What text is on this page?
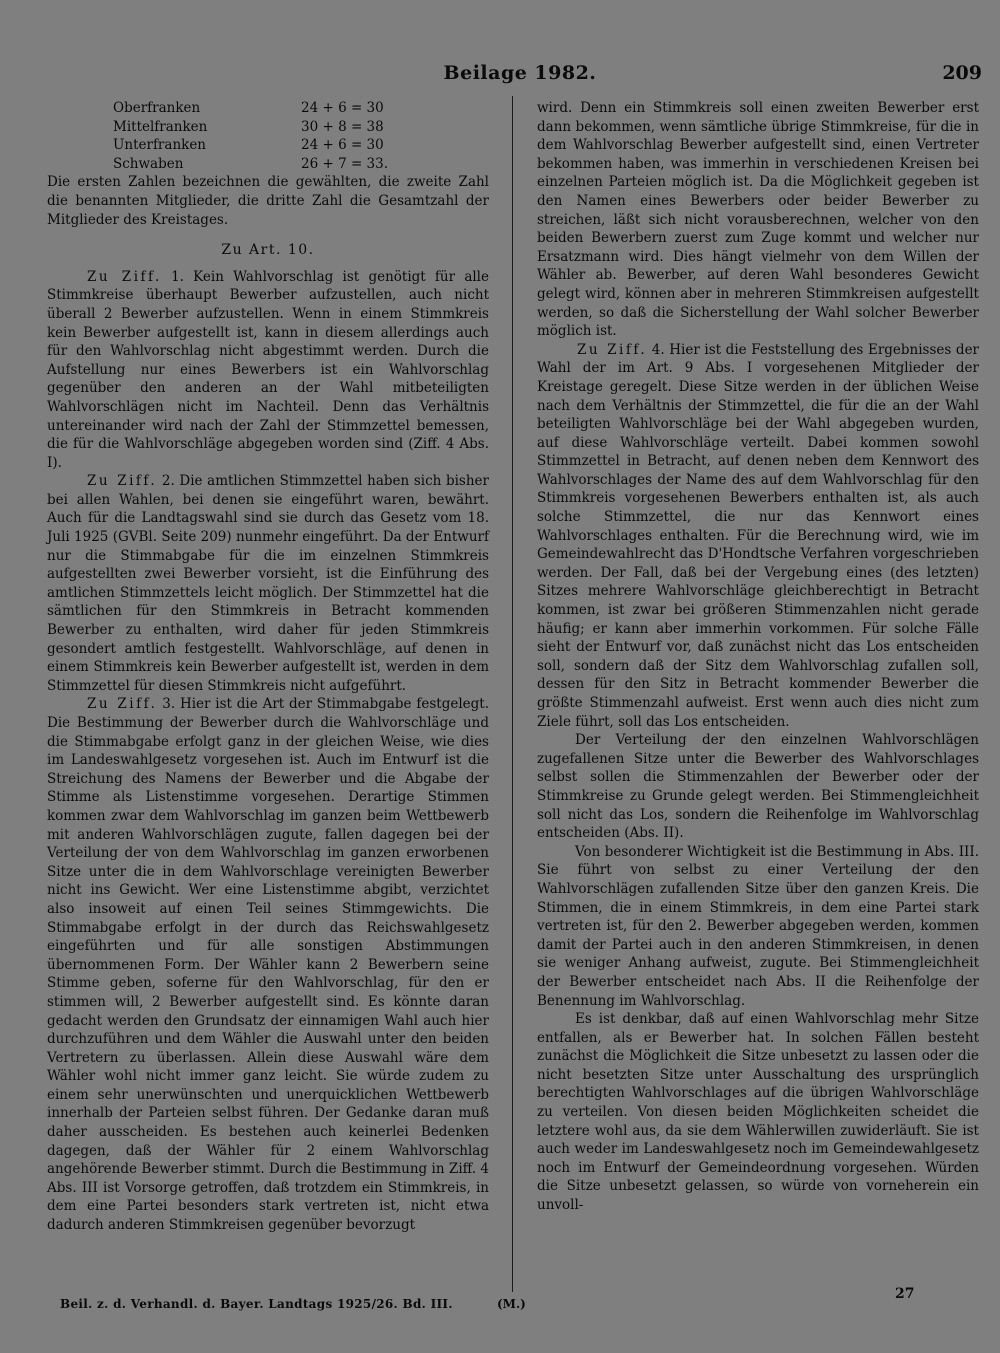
Beilage 1982.	209
Oberfranken	24 + 6 = 30
Mittelfranken	30 + 8 = 38
Unterfranken	24 + 6 = 30
Schwaben	26 + 7 = 33.

Die ersten Zahlen bezeichnen die gewählten, die zweite Zahl die benannten Mitglieder, die dritte Zahl die Gesamtzahl der Mitglieder des Kreistages.

Zu Art. 10.

Zu Ziff. 1. Kein Wahlvorschlag ist genötigt für alle Stimmkreise überhaupt Bewerber aufzustellen, auch nicht überall 2 Bewerber aufzustellen. Wenn in einem Stimmkreis kein Bewerber aufgestellt ist, kann in diesem allerdings auch für den Wahlvorschlag nicht abgestimmt werden. Durch die Aufstellung nur eines Bewerbers ist ein Wahlvorschlag gegenüber den anderen an der Wahl mitbeteiligten Wahlvorschlägen nicht im Nachteil. Denn das Verhältnis untereinander wird nach der Zahl der Stimmzettel bemessen, die für die Wahlvorschläge abgegeben worden sind (Ziff. 4 Abs. I).

Zu Ziff. 2. Die amtlichen Stimmzettel haben sich bisher bei allen Wahlen, bei denen sie eingeführt waren, bewährt. Auch für die Landtagswahl sind sie durch das Gesetz vom 18. Juli 1925 (GVBl. Seite 209) nunmehr eingeführt. Da der Entwurf nur die Stimmabgabe für die im einzelnen Stimmkreis aufgestellten zwei Bewerber vorsieht, ist die Einführung des amtlichen Stimmzettels leicht möglich. Der Stimmzettel hat die sämtlichen für den Stimmkreis in Betracht kommenden Bewerber zu enthalten, wird daher für jeden Stimmkreis gesondert amtlich festgestellt. Wahlvorschläge, auf denen in einem Stimmkreis kein Bewerber aufgestellt ist, werden in dem Stimmzettel für diesen Stimmkreis nicht aufgeführt.

Zu Ziff. 3. Hier ist die Art der Stimmabgabe festgelegt. Die Bestimmung der Bewerber durch die Wahlvorschläge und die Stimmabgabe erfolgt ganz in der gleichen Weise, wie dies im Landeswahlgesetz vorgesehen ist. Auch im Entwurf ist die Streichung des Namens der Bewerber und die Abgabe der Stimme als Listenstimme vorgesehen. Derartige Stimmen kommen zwar dem Wahlvorschlag im ganzen beim Wettbewerb mit anderen Wahlvorschlägen zugute, fallen dagegen bei der Verteilung der von dem Wahlvorschlag im ganzen erworbenen Sitze unter die in dem Wahlvorschlage vereinigten Bewerber nicht ins Gewicht. Wer eine Listenstimme abgibt, verzichtet also insoweit auf einen Teil seines Stimmgewichts. Die Stimmabgabe erfolgt in der durch das Reichswahlgesetz eingeführten und für alle sonstigen Abstimmungen übernommenen Form. Der Wähler kann 2 Bewerbern seine Stimme geben, soferne für den Wahlvorschlag, für den er stimmen will, 2 Bewerber aufgestellt sind. Es könnte daran gedacht werden den Grundsatz der einnamigen Wahl auch hier durchzuführen und dem Wähler die Auswahl unter den beiden Vertretern zu überlassen. Allein diese Auswahl wäre dem Wähler wohl nicht immer ganz leicht. Sie würde zudem zu einem sehr unerwünschten und unerquicklichen Wettbewerb innerhalb der Parteien selbst führen. Der Gedanke daran muß daher ausscheiden. Es bestehen auch keinerlei Bedenken dagegen, daß der Wähler für 2 einem Wahlvorschlag angehörende Bewerber stimmt. Durch die Bestimmung in Ziff. 4 Abs. III ist Vorsorge getroffen, daß trotzdem ein Stimmkreis, in dem eine Partei besonders stark vertreten ist, nicht etwa dadurch anderen Stimmkreisen gegenüber bevorzugt

wird. Denn ein Stimmkreis soll einen zweiten Bewerber erst dann bekommen, wenn sämtliche übrige Stimmkreise, für die in dem Wahlvorschlag Bewerber aufgestellt sind, einen Vertreter bekommen haben, was immerhin in verschiedenen Kreisen bei einzelnen Parteien möglich ist. Da die Möglichkeit gegeben ist den Namen eines Bewerbers oder beider Bewerber zu streichen, läßt sich nicht vorausberechnen, welcher von den beiden Bewerbern zuerst zum Zuge kommt und welcher nur Ersatzmann wird. Dies hängt vielmehr von dem Willen der Wähler ab. Bewerber, auf deren Wahl besonderes Gewicht gelegt wird, können aber in mehreren Stimmkreisen aufgestellt werden, so daß die Sicherstellung der Wahl solcher Bewerber möglich ist.

Zu Ziff. 4. Hier ist die Feststellung des Ergebnisses der Wahl der im Art. 9 Abs. I vorgesehenen Mitglieder der Kreistage geregelt. Diese Sitze werden in der üblichen Weise nach dem Verhältnis der Stimmzettel, die für die an der Wahl beteiligten Wahlvorschläge bei der Wahl abgegeben wurden, auf diese Wahlvorschläge verteilt. Dabei kommen sowohl Stimmzettel in Betracht, auf denen neben dem Kennwort des Wahlvorschlages der Name des auf dem Wahlvorschlag für den Stimmkreis vorgesehenen Bewerbers enthalten ist, als auch solche Stimmzettel, die nur das Kennwort eines Wahlvorschlages enthalten. Für die Berechnung wird, wie im Gemeindewahlrecht das D'Hondtsche Verfahren vorgeschrieben werden. Der Fall, daß bei der Vergebung eines (des letzten) Sitzes mehrere Wahlvorschläge gleichberechtigt in Betracht kommen, ist zwar bei größeren Stimmenzahlen nicht gerade häufig; er kann aber immerhin vorkommen. Für solche Fälle sieht der Entwurf vor, daß zunächst nicht das Los entscheiden soll, sondern daß der Sitz dem Wahlvorschlag zufallen soll, dessen für den Sitz in Betracht kommender Bewerber die größte Stimmenzahl aufweist. Erst wenn auch dies nicht zum Ziele führt, soll das Los entscheiden.

Der Verteilung der den einzelnen Wahlvorschlägen zugefallenen Sitze unter die Bewerber des Wahlvorschlages selbst sollen die Stimmenzahlen der Bewerber oder der Stimmkreise zu Grunde gelegt werden. Bei Stimmengleichheit soll nicht das Los, sondern die Reihenfolge im Wahlvorschlag entscheiden (Abs. II).

Von besonderer Wichtigkeit ist die Bestimmung in Abs. III. Sie führt von selbst zu einer Verteilung der den Wahlvorschlägen zufallenden Sitze über den ganzen Kreis. Die Stimmen, die in einem Stimmkreis, in dem eine Partei stark vertreten ist, für den 2. Bewerber abgegeben werden, kommen damit der Partei auch in den anderen Stimmkreisen, in denen sie weniger Anhang aufweist, zugute. Bei Stimmengleichheit der Bewerber entscheidet nach Abs. II die Reihenfolge der Benennung im Wahlvorschlag.

Es ist denkbar, daß auf einen Wahlvorschlag mehr Sitze entfallen, als er Bewerber hat. In solchen Fällen besteht zunächst die Möglichkeit die Sitze unbesetzt zu lassen oder die nicht besetzten Sitze unter Ausschaltung des ursprünglich berechtigten Wahlvorschlages auf die übrigen Wahlvorschläge zu verteilen. Von diesen beiden Möglichkeiten scheidet die letztere wohl aus, da sie dem Wählerwillen zuwiderläuft. Sie ist auch weder im Landeswahlgesetz noch im Gemeindewahlgesetz noch im Entwurf der Gemeindeordnung vorgesehen. Würden die Sitze unbesetzt gelassen, so würde von vorneherein ein unvoll-

Beil. z. d. Verhandl. d. Bayer. Landtags 1925/26. Bd. III.	(M.)
27
